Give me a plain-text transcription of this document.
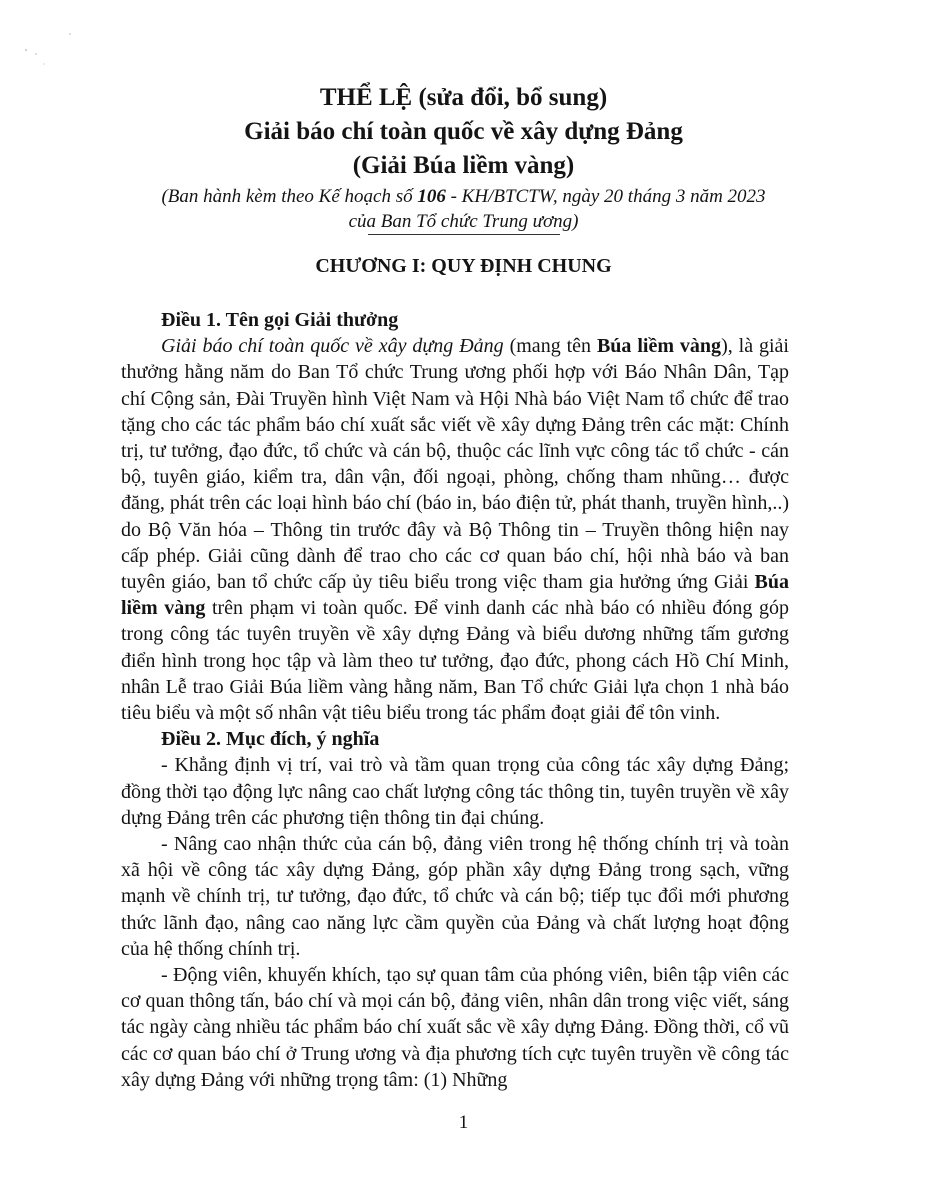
THỂ LỆ (sửa đổi, bổ sung)
Giải báo chí toàn quốc về xây dựng Đảng
(Giải Búa liềm vàng)
(Ban hành kèm theo Kế hoạch số 106 - KH/BTCTW, ngày 20 tháng 3 năm 2023
của Ban Tổ chức Trung ương)
CHƯƠNG I: QUY ĐỊNH CHUNG

Điều 1. Tên gọi Giải thưởng

Giải báo chí toàn quốc về xây dựng Đảng (mang tên Búa liềm vàng), là giải thưởng hằng năm do Ban Tổ chức Trung ương phối hợp với Báo Nhân Dân, Tạp chí Cộng sản, Đài Truyền hình Việt Nam và Hội Nhà báo Việt Nam tổ chức để trao tặng cho các tác phẩm báo chí xuất sắc viết về xây dựng Đảng trên các mặt: Chính trị, tư tưởng, đạo đức, tổ chức và cán bộ, thuộc các lĩnh vực công tác tổ chức - cán bộ, tuyên giáo, kiểm tra, dân vận, đối ngoại, phòng, chống tham nhũng… được đăng, phát trên các loại hình báo chí (báo in, báo điện tử, phát thanh, truyền hình,..) do Bộ Văn hóa – Thông tin trước đây và Bộ Thông tin – Truyền thông hiện nay cấp phép. Giải cũng dành để trao cho các cơ quan báo chí, hội nhà báo và ban tuyên giáo, ban tổ chức cấp ủy tiêu biểu trong việc tham gia hưởng ứng Giải Búa liềm vàng trên phạm vi toàn quốc. Để vinh danh các nhà báo có nhiều đóng góp trong công tác tuyên truyền về xây dựng Đảng và biểu dương những tấm gương điển hình trong học tập và làm theo tư tưởng, đạo đức, phong cách Hồ Chí Minh, nhân Lễ trao Giải Búa liềm vàng hằng năm, Ban Tổ chức Giải lựa chọn 1 nhà báo tiêu biểu và một số nhân vật tiêu biểu trong tác phẩm đoạt giải để tôn vinh.

Điều 2. Mục đích, ý nghĩa

- Khẳng định vị trí, vai trò và tầm quan trọng của công tác xây dựng Đảng; đồng thời tạo động lực nâng cao chất lượng công tác thông tin, tuyên truyền về xây dựng Đảng trên các phương tiện thông tin đại chúng.

- Nâng cao nhận thức của cán bộ, đảng viên trong hệ thống chính trị và toàn xã hội về công tác xây dựng Đảng, góp phần xây dựng Đảng trong sạch, vững mạnh về chính trị, tư tưởng, đạo đức, tổ chức và cán bộ; tiếp tục đổi mới phương thức lãnh đạo, nâng cao năng lực cầm quyền của Đảng và chất lượng hoạt động của hệ thống chính trị.

- Động viên, khuyến khích, tạo sự quan tâm của phóng viên, biên tập viên các cơ quan thông tấn, báo chí và mọi cán bộ, đảng viên, nhân dân trong việc viết, sáng tác ngày càng nhiều tác phẩm báo chí xuất sắc về xây dựng Đảng. Đồng thời, cổ vũ các cơ quan báo chí ở Trung ương và địa phương tích cực tuyên truyền về công tác xây dựng Đảng với những trọng tâm: (1) Những

1
